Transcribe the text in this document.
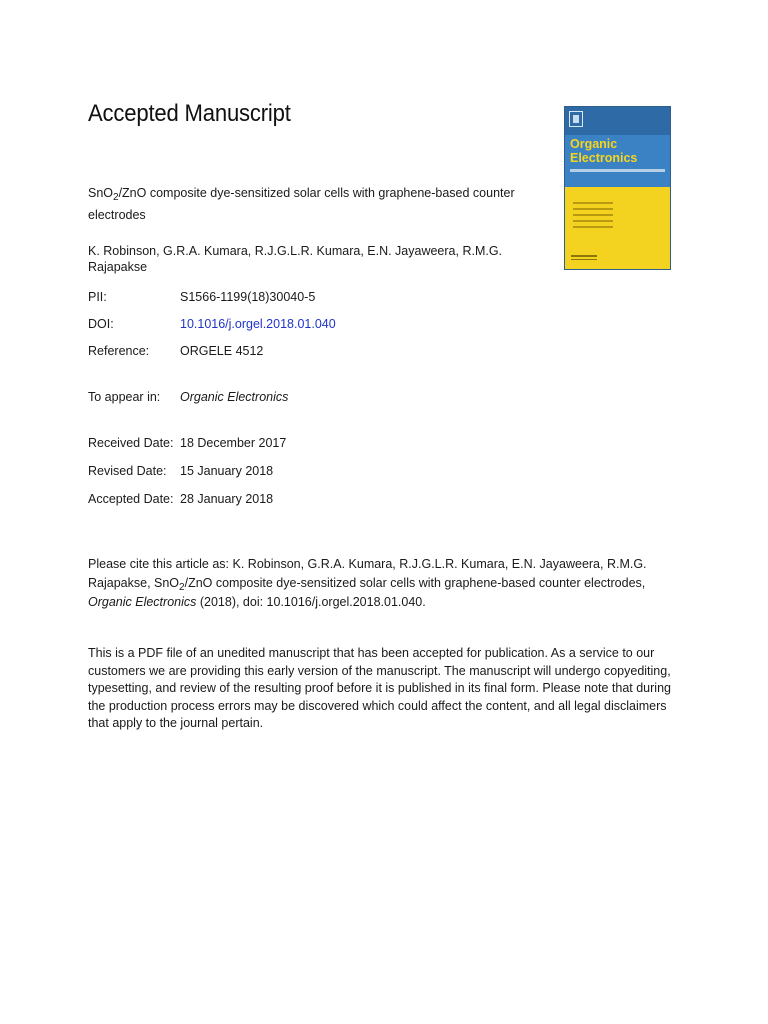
Accepted Manuscript
SnO$_2$/ZnO composite dye-sensitized solar cells with graphene-based counter
electrodes
K. Robinson, G.R.A. Kumara, R.J.G.L.R. Kumara, E.N. Jayaweera, R.M.G. Rajapakse
PII:	S1566-1199(18)30040-5
DOI:	10.1016/j.orgel.2018.01.040
Reference: ORGELE 4512
To appear in: Organic Electronics
Received Date: 18 December 2017
Revised Date: 15 January 2018
Accepted Date: 28 January 2018
Please cite this article as: K. Robinson, G.R.A. Kumara, R.J.G.L.R. Kumara, E.N. Jayaweera, R.M.G.
Rajapakse, SnO$_2$/ZnO composite dye-sensitized solar cells with graphene-based counter electrodes,
Organic Electronics (2018), doi: 10.1016/j.orgel.2018.01.040.
This is a PDF file of an unedited manuscript that has been accepted for publication. As a service to our customers we are providing this early version of the manuscript. The manuscript will undergo copyediting, typesetting, and review of the resulting proof before it is published in its final form. Please note that during the production process errors may be discovered which could affect the content, and all legal disclaimers that apply to the journal pertain.
Organic
Electronics
